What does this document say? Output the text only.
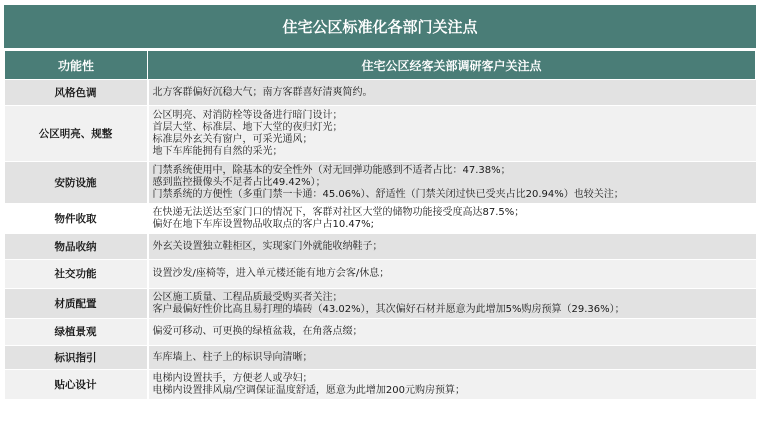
住宅公区标准化各部门关注点
功能性	住宅公区经客关部调研客户关注点
风格色调	北方客群偏好沉稳大气；南方客群喜好清爽简约。

公区明亮、规整	公区明亮、对消防栓等设备进行暗门设计；
首层大堂、标准层、地下大堂的夜归灯光；
标准层外玄关有窗户，可采光通风；
地下车库能拥有自然的采光；

安防设施	门禁系统使用中，除基本的安全性外（对无回弹功能感到不适者占比：47.38%；
感到监控摄像头不足者占比49.42%）；
门禁系统的方便性（多重门禁一卡通：45.06%）、舒适性（门禁关闭过快已受夹占比20.94%）也较关注；

物件收取	在快递无法送达至家门口的情况下，客群对社区大堂的储物功能接受度高达87.5%；
偏好在地下车库设置物品收取点的客户占10.47%;

物品收纳	外玄关设置独立鞋柜区，实现家门外就能收纳鞋子；

社交功能	设置沙发/座椅等，进入单元楼还能有地方会客/休息；

材质配置	公区施工质量、工程品质最受购买者关注；
客户最偏好性价比高且易打理的墙砖（43.02%），其次偏好石材并愿意为此增加5%购房预算（29.36%）；

绿植景观	偏爱可移动、可更换的绿植盆栽，在角落点缀；

标识指引	车库墙上、柱子上的标识导向清晰；

贴心设计	电梯内设置扶手，方便老人或孕妇；
电梯内设置排风扇/空调保证温度舒适，愿意为此增加200元购房预算；
